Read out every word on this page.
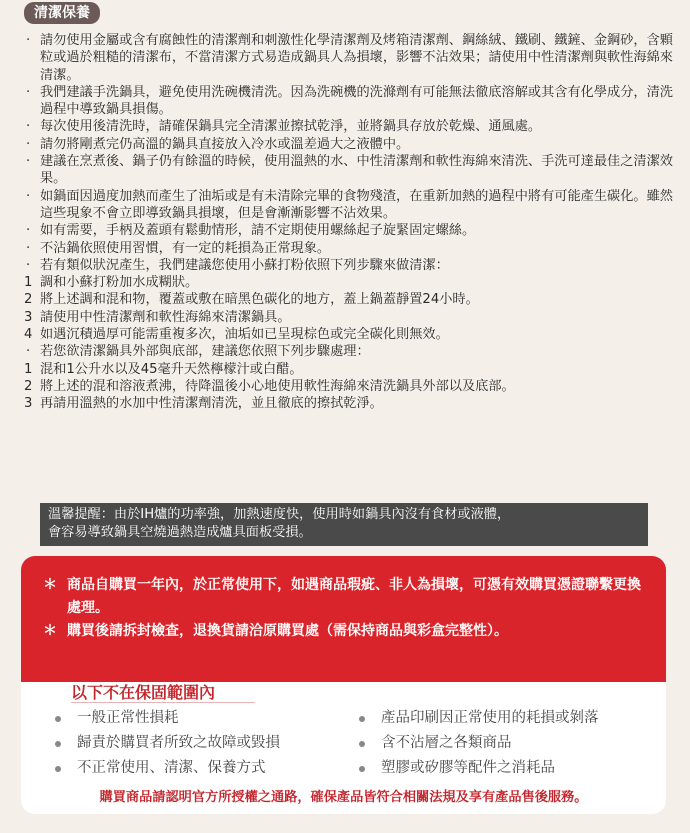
清潔保養
· 請勿使用金屬或含有腐蝕性的清潔劑和刺激性化學清潔劑及烤箱清潔劑、鋼絲絨、鐵刷、鐵鏟、金鋼砂，含顆粒或過於粗糙的清潔布，不當清潔方式易造成鍋具人為損壞，影響不沾效果；請使用中性清潔劑與軟性海綿來清潔。
· 我們建議手洗鍋具，避免使用洗碗機清洗。因為洗碗機的洗滌劑有可能無法徹底溶解或其含有化學成分，清洗過程中導致鍋具損傷。
· 每次使用後清洗時，請確保鍋具完全清潔並擦拭乾淨，並將鍋具存放於乾燥、通風處。
· 請勿將剛煮完仍高溫的鍋具直接放入冷水或溫差過大之液體中。
· 建議在烹煮後、鍋子仍有餘溫的時候，使用溫熱的水、中性清潔劑和軟性海綿來清洗、手洗可達最佳之清潔效果。
· 如鍋面因過度加熱而產生了油垢或是有未清除完畢的食物殘渣，在重新加熱的過程中將有可能產生碳化。雖然這些現象不會立即導致鍋具損壞，但是會漸漸影響不沾效果。
· 如有需要，手柄及蓋頭有鬆動情形，請不定期使用螺絲起子旋緊固定螺絲。
· 不沾鍋依照使用習慣，有一定的耗損為正常現象。
· 若有類似狀況產生，我們建議您使用小蘇打粉依照下列步驟來做清潔：
1 調和小蘇打粉加水成糊狀。
2 將上述調和混和物，覆蓋或敷在暗黑色碳化的地方，蓋上鍋蓋靜置24小時。
3 請使用中性清潔劑和軟性海綿來清潔鍋具。
4 如遇沉積過厚可能需重複多次，油垢如已呈現棕色或完全碳化則無效。
· 若您欲清潔鍋具外部與底部，建議您依照下列步驟處理：
1 混和1公升水以及45毫升天然檸檬汁或白醋。
2 將上述的混和溶液煮沸，待降溫後小心地使用軟性海綿來清洗鍋具外部以及底部。
3 再請用溫熱的水加中性清潔劑清洗，並且徹底的擦拭乾淨。
溫馨提醒：由於IH爐的功率強，加熱速度快，使用時如鍋具內沒有食材或液體，
會容易導致鍋具空燒過熱造成爐具面板受損。
＊ 商品自購買一年內，於正常使用下，如遇商品瑕疵、非人為損壞，可憑有效購買憑證聯繫更換處理。
＊ 購買後請拆封檢查，退換貨請洽原購買處（需保持商品與彩盒完整性）。
以下不在保固範圍內
一般正常性損耗
歸責於購買者所致之故障或毀損
不正常使用、清潔、保養方式
產品印刷因正常使用的耗損或剝落
含不沾層之各類商品
塑膠或矽膠等配件之消耗品
購買商品請認明官方所授權之通路，確保產品皆符合相關法規及享有產品售後服務。
